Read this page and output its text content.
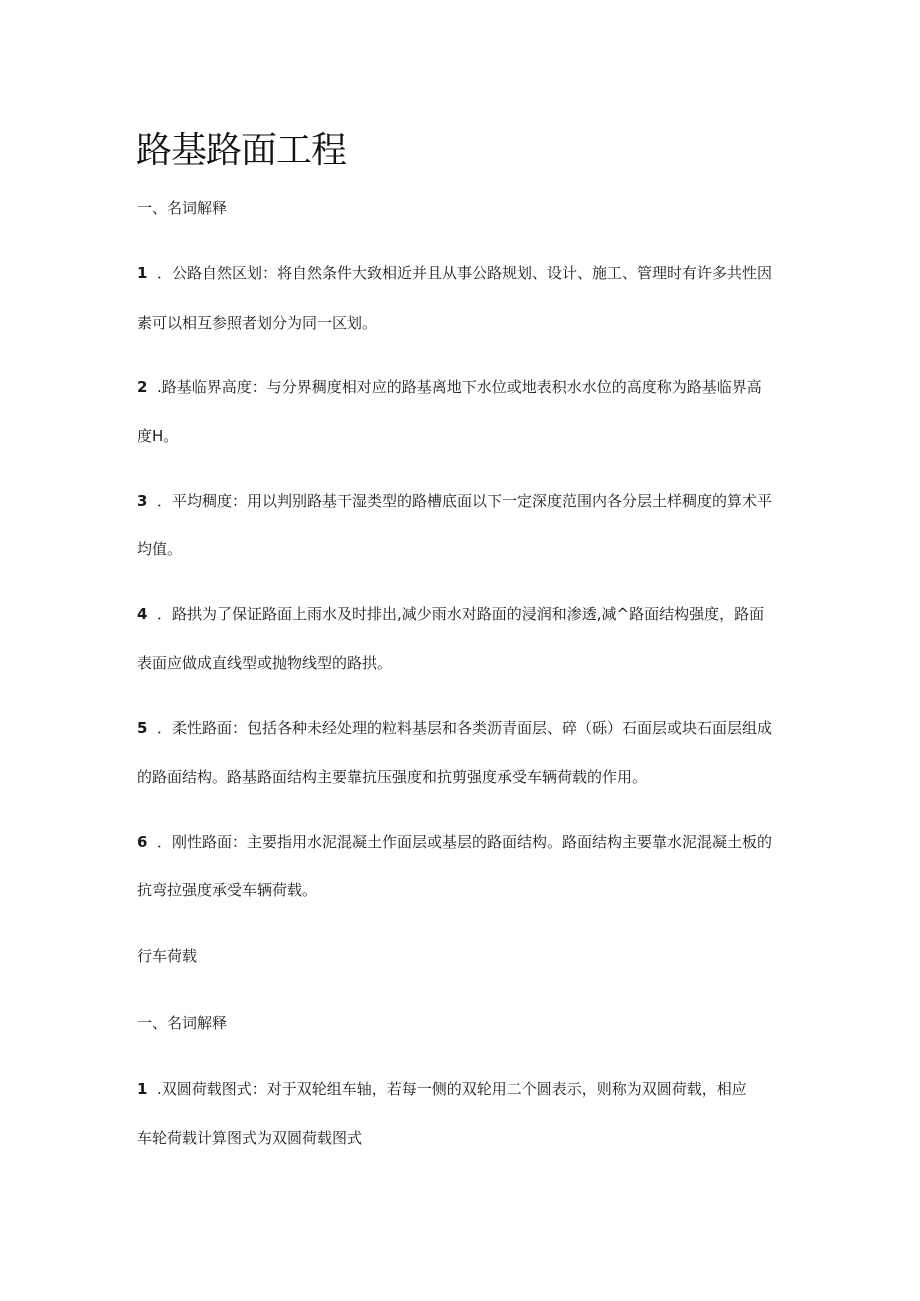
路基路面工程
一、名词解释
1 ．公路自然区划：将自然条件大致相近并且从事公路规划、设计、施工、管理时有许多共性因
素可以相互参照者划分为同一区划。
2 .路基临界高度：与分界稠度相对应的路基离地下水位或地表积水水位的高度称为路基临界高
度H。
3 ．平均稠度：用以判别路基干湿类型的路槽底面以下一定深度范围内各分层土样稠度的算术平
均值。
4 ．路拱为了保证路面上雨水及时排出,减少雨水对路面的浸润和渗透,减^路面结构强度，路面
表面应做成直线型或抛物线型的路拱。
5 ．柔性路面：包括各种未经处理的粒料基层和各类沥青面层、碎（砾）石面层或块石面层组成
的路面结构。路基路面结构主要靠抗压强度和抗剪强度承受车辆荷载的作用。
6 ．刚性路面：主要指用水泥混凝土作面层或基层的路面结构。路面结构主要靠水泥混凝土板的
抗弯拉强度承受车辆荷载。
行车荷载
一、名词解释
1 .双圆荷载图式：对于双轮组车轴，若每一侧的双轮用二个圆表示，则称为双圆荷载，相应
车轮荷载计算图式为双圆荷载图式
